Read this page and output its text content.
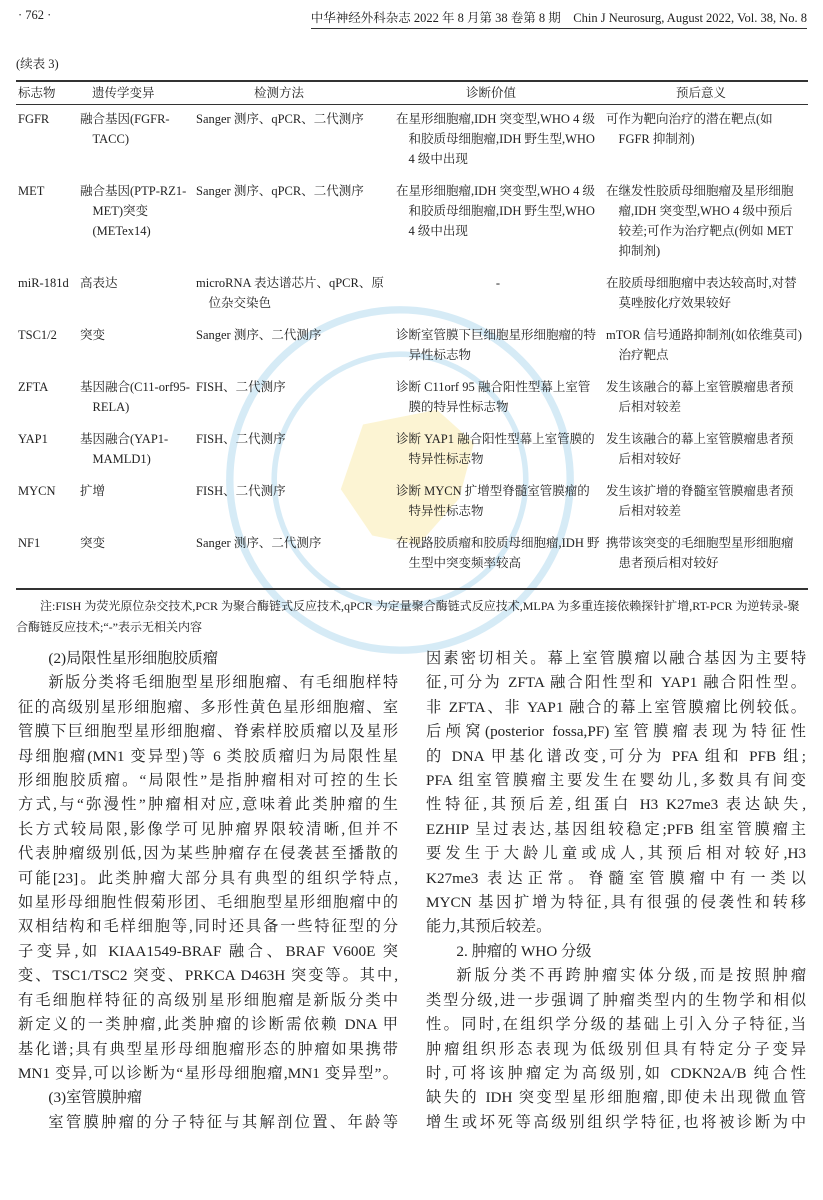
· 762 ·	中华神经外科杂志 2022 年 8 月第 38 卷第 8 期　Chin J Neurosurg, August 2022, Vol. 38, No. 8
(续表 3)
标志物	遗传学变异	检测方法	诊断价值	预后意义

FGFR	融合基因(FGFR-TACC)	Sanger 测序、qPCR、二代测序	在星形细胞瘤,IDH 突变型,WHO 4 级和胶质母细胞瘤,IDH 野生型,WHO 4 级中出现	可作为靶向治疗的潜在靶点(如 FGFR 抑制剂)

MET	融合基因(PTP-RZ1-MET)突变(METex14)	Sanger 测序、qPCR、二代测序	在星形细胞瘤,IDH 突变型,WHO 4 级和胶质母细胞瘤,IDH 野生型,WHO 4 级中出现	在继发性胶质母细胞瘤及星形细胞瘤,IDH 突变型,WHO 4 级中预后较差;可作为治疗靶点(例如 MET 抑制剂)

miR-181d	高表达	microRNA 表达谱芯片、qPCR、原位杂交染色	-	在胶质母细胞瘤中表达较高时,对替莫唑胺化疗效果较好

TSC1/2	突变	Sanger 测序、二代测序	诊断室管膜下巨细胞星形细胞瘤的特异性标志物	mTOR 信号通路抑制剂(如依维莫司)治疗靶点

ZFTA	基因融合(C11-orf95-RELA)	FISH、二代测序	诊断 C11orf 95 融合阳性型幕上室管膜的特异性标志物	发生该融合的幕上室管膜瘤患者预后相对较差

YAP1	基因融合(YAP1-MAMLD1)	FISH、二代测序	诊断 YAP1 融合阳性型幕上室管膜的特异性标志物	发生该融合的幕上室管膜瘤患者预后相对较好

MYCN	扩增	FISH、二代测序	诊断 MYCN 扩增型脊髓室管膜瘤的特异性标志物	发生该扩增的脊髓室管膜瘤患者预后相对较差

NF1	突变	Sanger 测序、二代测序	在视路胶质瘤和胶质母细胞瘤,IDH 野生型中突变频率较高	携带该突变的毛细胞型星形细胞瘤患者预后相对较好
注:FISH 为荧光原位杂交技术,PCR 为聚合酶链式反应技术,qPCR 为定量聚合酶链式反应技术,MLPA 为多重连接依赖探针扩增,RT-PCR 为逆转录-聚合酶链反应技术;“-”表示无相关内容
(2)局限性星形细胞胶质瘤
新版分类将毛细胞型星形细胞瘤、有毛细胞样特
征的高级别星形细胞瘤、多形性黄色星形细胞瘤、室
管膜下巨细胞型星形细胞瘤、脊索样胶质瘤以及星形
母细胞瘤(MN1 变异型)等 6 类胶质瘤归为局限性星
形细胞胶质瘤。“局限性”是指肿瘤相对可控的生长
方式,与“弥漫性”肿瘤相对应,意味着此类肿瘤的生
长方式较局限,影像学可见肿瘤界限较清晰,但并不
代表肿瘤级别低,因为某些肿瘤存在侵袭甚至播散的
可能[23]。此类肿瘤大部分具有典型的组织学特点,
如星形母细胞性假菊形团、毛细胞型星形细胞瘤中的
双相结构和毛样细胞等,同时还具备一些特征型的分
子变异,如 KIAA1549-BRAF 融合、BRAF V600E 突
变、TSC1/TSC2 突变、PRKCA D463H 突变等。其中,
有毛细胞样特征的高级别星形细胞瘤是新版分类中
新定义的一类肿瘤,此类肿瘤的诊断需依赖 DNA 甲
基化谱;具有典型星形母细胞瘤形态的肿瘤如果携带
MN1 变异,可以诊断为“星形母细胞瘤,MN1 变异型”。
(3)室管膜肿瘤
室管膜肿瘤的分子特征与其解剖位置、年龄等
因素密切相关。幕上室管膜瘤以融合基因为主要特
征,可分为 ZFTA 融合阳性型和 YAP1 融合阳性型。
非 ZFTA、非 YAP1 融合的幕上室管膜瘤比例较低。
后颅窝(posterior fossa,PF)室管膜瘤表现为特征性
的 DNA 甲基化谱改变,可分为 PFA 组和 PFB 组;
PFA 组室管膜瘤主要发生在婴幼儿,多数具有间变
性特征,其预后差,组蛋白 H3 K27me3 表达缺失,
EZHIP 呈过表达,基因组较稳定;PFB 组室管膜瘤主
要发生于大龄儿童或成人,其预后相对较好,H3
K27me3 表达正常。脊髓室管膜瘤中有一类以
MYCN 基因扩增为特征,具有很强的侵袭性和转移
能力,其预后较差。
2. 肿瘤的 WHO 分级
新版分类不再跨肿瘤实体分级,而是按照肿瘤
类型分级,进一步强调了肿瘤类型内的生物学和相似
性。同时,在组织学分级的基础上引入分子特征,当
肿瘤组织形态表现为低级别但具有特定分子变异
时,可将该肿瘤定为高级别,如 CDKN2A/B 纯合性
缺失的 IDH 突变型星形细胞瘤,即使未出现微血管
增生或坏死等高级别组织学特征,也将被诊断为中
